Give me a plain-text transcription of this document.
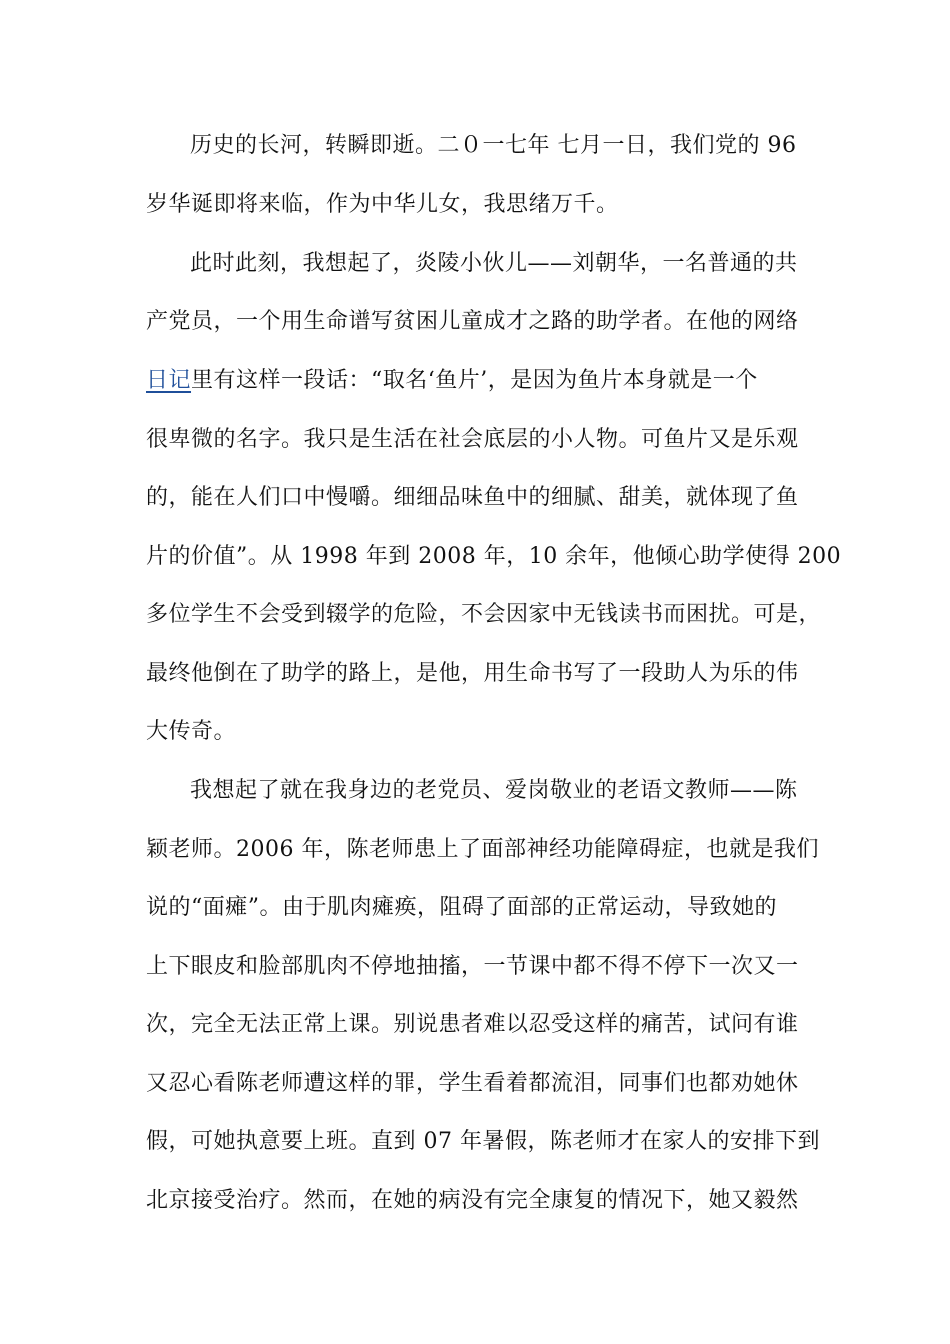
历史的长河，转瞬即逝。二０一七年 七月一日，我们党的 96
岁华诞即将来临，作为中华儿女，我思绪万千。
此时此刻，我想起了，炎陵小伙儿——刘朝华，一名普通的共
产党员，一个用生命谱写贫困儿童成才之路的助学者。在他的网络
日记里有这样一段话：“取名‘鱼片’，是因为鱼片本身就是一个
很卑微的名字。我只是生活在社会底层的小人物。可鱼片又是乐观
的，能在人们口中慢嚼。细细品味鱼中的细腻、甜美，就体现了鱼
片的价值”。从 1998 年到 2008 年，10 余年，他倾心助学使得 200
多位学生不会受到辍学的危险，不会因家中无钱读书而困扰。可是，
最终他倒在了助学的路上，是他，用生命书写了一段助人为乐的伟
大传奇。
我想起了就在我身边的老党员、爱岗敬业的老语文教师——陈
颖老师。2006 年，陈老师患上了面部神经功能障碍症，也就是我们
说的“面瘫”。由于肌肉瘫痪，阻碍了面部的正常运动，导致她的
上下眼皮和脸部肌肉不停地抽搐，一节课中都不得不停下一次又一
次，完全无法正常上课。别说患者难以忍受这样的痛苦，试问有谁
又忍心看陈老师遭这样的罪，学生看着都流泪，同事们也都劝她休
假，可她执意要上班。直到 07 年暑假，陈老师才在家人的安排下到
北京接受治疗。然而，在她的病没有完全康复的情况下，她又毅然
